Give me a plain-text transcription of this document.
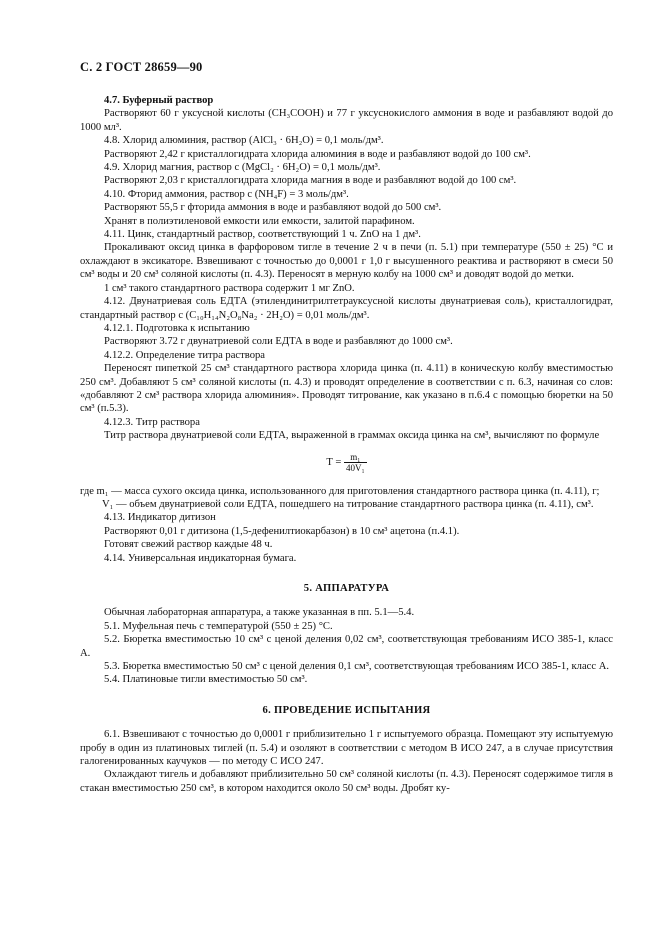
С. 2 ГОСТ 28659—90

4.7. Буферный раствор

Растворяют 60 г уксусной кислоты (CH₃COOH) и 77 г уксуснокислого аммония в воде и разбавляют водой до 1000 мл³.

4.8. Хлорид алюминия, раствор (AlCl₃ · 6H₂O) = 0,1 моль/дм³.

Растворяют 2,42 г кристаллогидрата хлорида алюминия в воде и разбавляют водой до 100 см³.

4.9. Хлорид магния, раствор c (MgCl₂ · 6H₂O) = 0,1 моль/дм³.

Растворяют 2,03 г кристаллогидрата хлорида магния в воде и разбавляют водой до 100 см³.

4.10. Фторид аммония, раствор c (NH₄F) = 3 моль/дм³.

Растворяют 55,5 г фторида аммония в воде и разбавляют водой до 500 см³.

Хранят в полиэтиленовой емкости или емкости, залитой парафином.

4.11. Цинк, стандартный раствор, соответствующий 1 ч. ZnO на 1 дм³.

Прокаливают оксид цинка в фарфоровом тигле в течение 2 ч в печи (п. 5.1) при температуре (550 ± 25) °С и охлаждают в эксикаторе. Взвешивают с точностью до 0,0001 г 1,0 г высушенного реактива и растворяют в смеси 50 см³ воды и 20 см³ соляной кислоты (п. 4.3). Переносят в мерную колбу на 1000 см³ и доводят водой до метки.

1 см³ такого стандартного раствора содержит 1 мг ZnO.

4.12. Двунатриевая соль ЕДТА (этилендинитрилтетрауксусной кислоты двунатриевая соль), кристаллогидрат, стандартный раствор c (C₁₀H₁₄N₂O₈Na₂ · 2H₂O) = 0,01 моль/дм³.

4.12.1. Подготовка к испытанию

Растворяют 3.72 г двунатриевой соли ЕДТА в воде и разбавляют до 1000 см³.

4.12.2. Определение титра раствора

Переносят пипеткой 25 см³ стандартного раствора хлорида цинка (п. 4.11) в коническую колбу вместимостью 250 см³. Добавляют 5 см³ соляной кислоты (п. 4.3) и проводят определение в соответствии с п. 6.3, начиная со слов: «добавляют 2 см³ раствора хлорида алюминия». Проводят титрование, как указано в п.6.4 с помощью бюретки на 50 см³ (п.5.3).

4.12.3. Титр раствора

Титр раствора двунатриевой соли ЕДТА, выраженной в граммах оксида цинка на см³, вычисляют по формуле

$T = \frac{\text{m₁}}{\text{40V₁}}$
где m₁ — масса сухого оксида цинка, использованного для приготовления стандартного раствора цинка (п. 4.11), г;
V₁ — объем двунатриевой соли ЕДТА, пошедшего на титрование стандартного раствора цинка (п. 4.11), см³.

4.13. Индикатор дитизон

Растворяют 0,01 г дитизона (1,5-дефенилтиокарбазон) в 10 см³ ацетона (п.4.1).

Готовят свежий раствор каждые 48 ч.

4.14. Универсальная индикаторная бумага.

5. АППАРАТУРА

Обычная лабораторная аппаратура, а также указанная в пп. 5.1—5.4.

5.1. Муфельная печь с температурой (550 ± 25) °С.

5.2. Бюретка вместимостью 10 см³ с ценой деления 0,02 см³, соответствующая требованиям ИСО 385-1, класс А.

5.3. Бюретка вместимостью 50 см³ с ценой деления 0,1 см³, соответствующая требованиям ИСО 385-1, класс А.

5.4. Платиновые тигли вместимостью 50 см³.

6. ПРОВЕДЕНИЕ ИСПЫТАНИЯ

6.1. Взвешивают с точностью до 0,0001 г приблизительно 1 г испытуемого образца. Помещают эту испытуемую пробу в один из платиновых тиглей (п. 5.4) и озоляют в соответствии с методом В ИСО 247, а в случае присутствия галогенированных каучуков — по методу С ИСО 247.

Охлаждают тигель и добавляют приблизительно 50 см³ соляной кислоты (п. 4.3). Переносят содержимое тигля в стакан вместимостью 250 см³, в котором находится около 50 см³ воды. Дробят ку-
